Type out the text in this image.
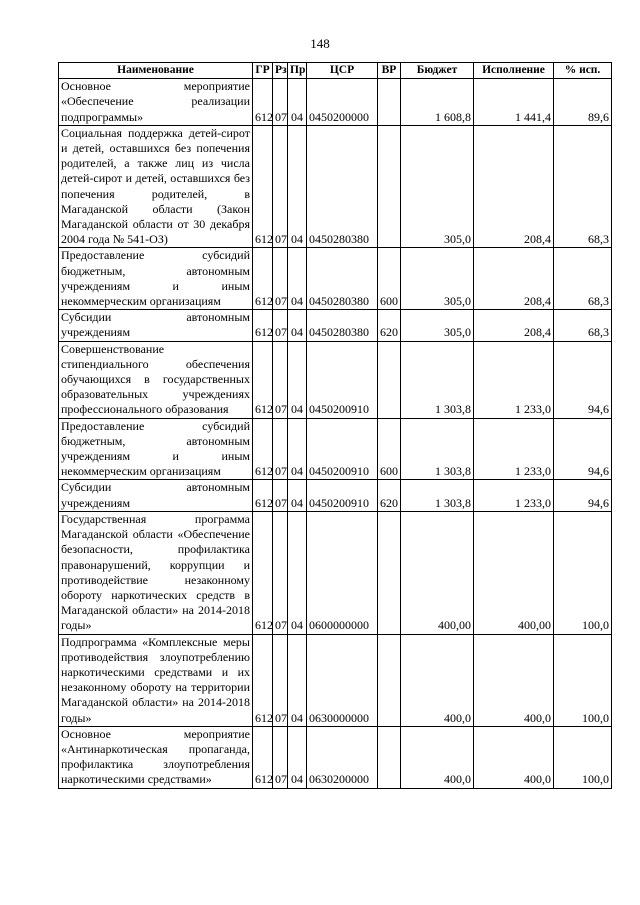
148
Наименование	ГР	Рз	Пр	ЦСР	ВР	Бюджет	Исполнение	% исп.
Основное мероприятие «Обеспечение реализации подпрограммы»	612	07	04	0450200000		1 608,8	1 441,4	89,6
Социальная поддержка детей-сирот и детей, оставшихся без попечения родителей, а также лиц из числа детей-сирот и детей, оставшихся без попечения родителей, в Магаданской области (Закон Магаданской области от 30 декабря 2004 года № 541-ОЗ)	612	07	04	0450280380		305,0	208,4	68,3
Предоставление субсидий бюджетным, автономным учреждениям и иным некоммерческим организациям	612	07	04	0450280380	600	305,0	208,4	68,3
Субсидии автономным учреждениям	612	07	04	0450280380	620	305,0	208,4	68,3
Совершенствование стипендиального обеспечения обучающихся в государственных образовательных учреждениях профессионального образования	612	07	04	0450200910		1 303,8	1 233,0	94,6
Предоставление субсидий бюджетным, автономным учреждениям и иным некоммерческим организациям	612	07	04	0450200910	600	1 303,8	1 233,0	94,6
Субсидии автономным учреждениям	612	07	04	0450200910	620	1 303,8	1 233,0	94,6
Государственная программа Магаданской области «Обеспечение безопасности, профилактика правонарушений, коррупции и противодействие незаконному обороту наркотических средств в Магаданской области» на 2014-2018 годы»	612	07	04	0600000000		400,00	400,00	100,0
Подпрограмма «Комплексные меры противодействия злоупотреблению наркотическими средствами и их незаконному обороту на территории Магаданской области» на 2014-2018 годы»	612	07	04	0630000000		400,0	400,0	100,0
Основное мероприятие «Антинаркотическая пропаганда, профилактика злоупотребления наркотическими средствами»	612	07	04	0630200000		400,0	400,0	100,0
